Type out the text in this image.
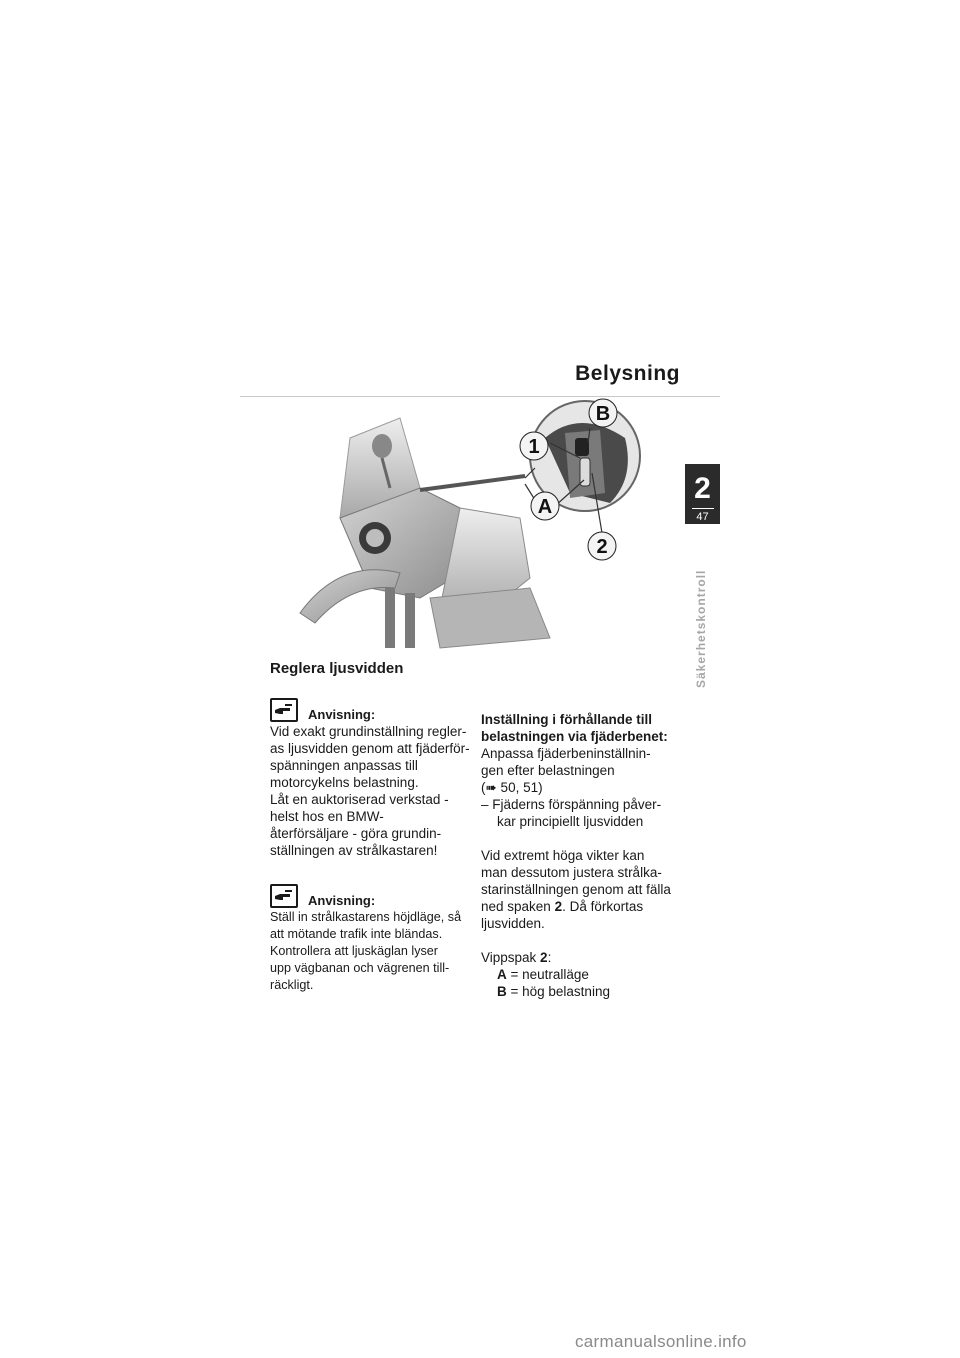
Belysning
2
47
Säkerhetskontroll
B
1
A
2
Reglera ljusvidden
Anvisning:
Vid exakt grundinställning regler-
as ljusvidden genom att fjäderför-
spänningen anpassas till
motorcykelns belastning.
Låt en auktoriserad verkstad -
helst hos en BMW-
återförsäljare - göra grundin-
ställningen av strålkastaren!
Anvisning:
Ställ in strålkastarens höjdläge, så
att mötande trafik inte bländas.
Kontrollera att ljuskäglan lyser
upp vägbanan och vägrenen till-
räckligt.
Inställning i förhållande till
belastningen via fjäderbenet:
Anpassa fjäderbeninställnin-
gen efter belastningen
(➠ 50, 51)
– Fjäderns förspänning påver-
kar principiellt ljusvidden
Vid extremt höga vikter kan
man dessutom justera strålka-
starinställningen genom att fälla
ned spaken 2. Då förkortas
ljusvidden.
Vippspak 2:
A = neutralläge
B = hög belastning
carmanualsonline.info
